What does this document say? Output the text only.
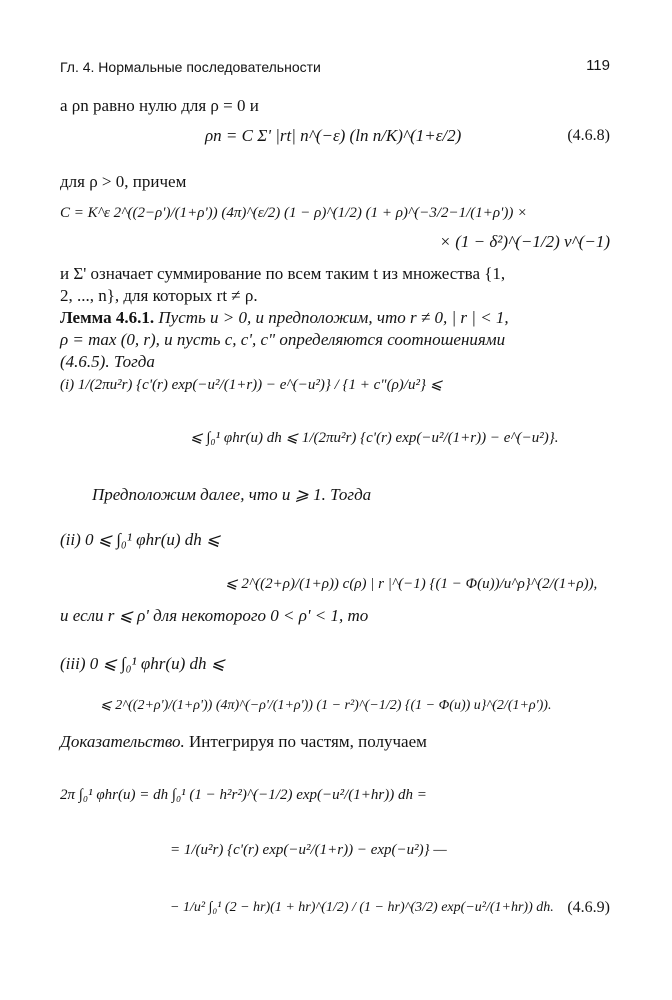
Гл. 4. Нормальные последовательности	119
a ρn равно нулю для ρ = 0 и
ρn = C Σ' |rt| n^(−ε) (ln n/K)^(1+ε/2)	(4.6.8)
для ρ > 0, причем
C = K^ε 2^((2−ρ')/(1+ρ')) (4π)^(ε/2) (1 − ρ)^(1/2) (1 + ρ)^(−3/2−1/(1+ρ')) ×
× (1 − δ²)^(−1/2) ν^(−1)
и Σ' означает суммирование по всем таким t из множества {1,
2, ..., n}, для которых rt ≠ ρ.
Лемма 4.6.1. Пусть u > 0, и предположим, что r ≠ 0, | r | < 1,
ρ = max (0, r), и пусть c, c', c" определяются соотношениями
(4.6.5). Тогда
(i) 1/(2πu²r) {c'(r) exp(−u²/(1+r)) − e^(−u²)} / {1 + c"(ρ)/u²} ⩽
⩽ ∫₀¹ φhr(u) dh ⩽ 1/(2πu²r) {c'(r) exp(−u²/(1+r)) − e^(−u²)}.
Предположим далее, что u ⩾ 1. Тогда
(ii) 0 ⩽ ∫₀¹ φhr(u) dh ⩽
⩽ 2^((2+ρ)/(1+ρ)) c(ρ) | r |^(−1) {(1 − Φ(u))/u^ρ}^(2/(1+ρ)),
и если r ⩽ ρ' для некоторого 0 < ρ' < 1, то
(iii) 0 ⩽ ∫₀¹ φhr(u) dh ⩽
⩽ 2^((2+ρ')/(1+ρ')) (4π)^(−ρ'/(1+ρ')) (1 − r²)^(−1/2) {(1 − Φ(u)) u}^(2/(1+ρ')).
Доказательство. Интегрируя по частям, получаем
2π ∫₀¹ φhr(u) = dh ∫₀¹ (1 − h²r²)^(−1/2) exp(−u²/(1+hr)) dh =
= 1/(u²r) {c'(r) exp(−u²/(1+r)) − exp(−u²)} —
− 1/u² ∫₀¹ (2 − hr)(1 + hr)^(1/2) / (1 − hr)^(3/2) exp(−u²/(1+hr)) dh. (4.6.9)
